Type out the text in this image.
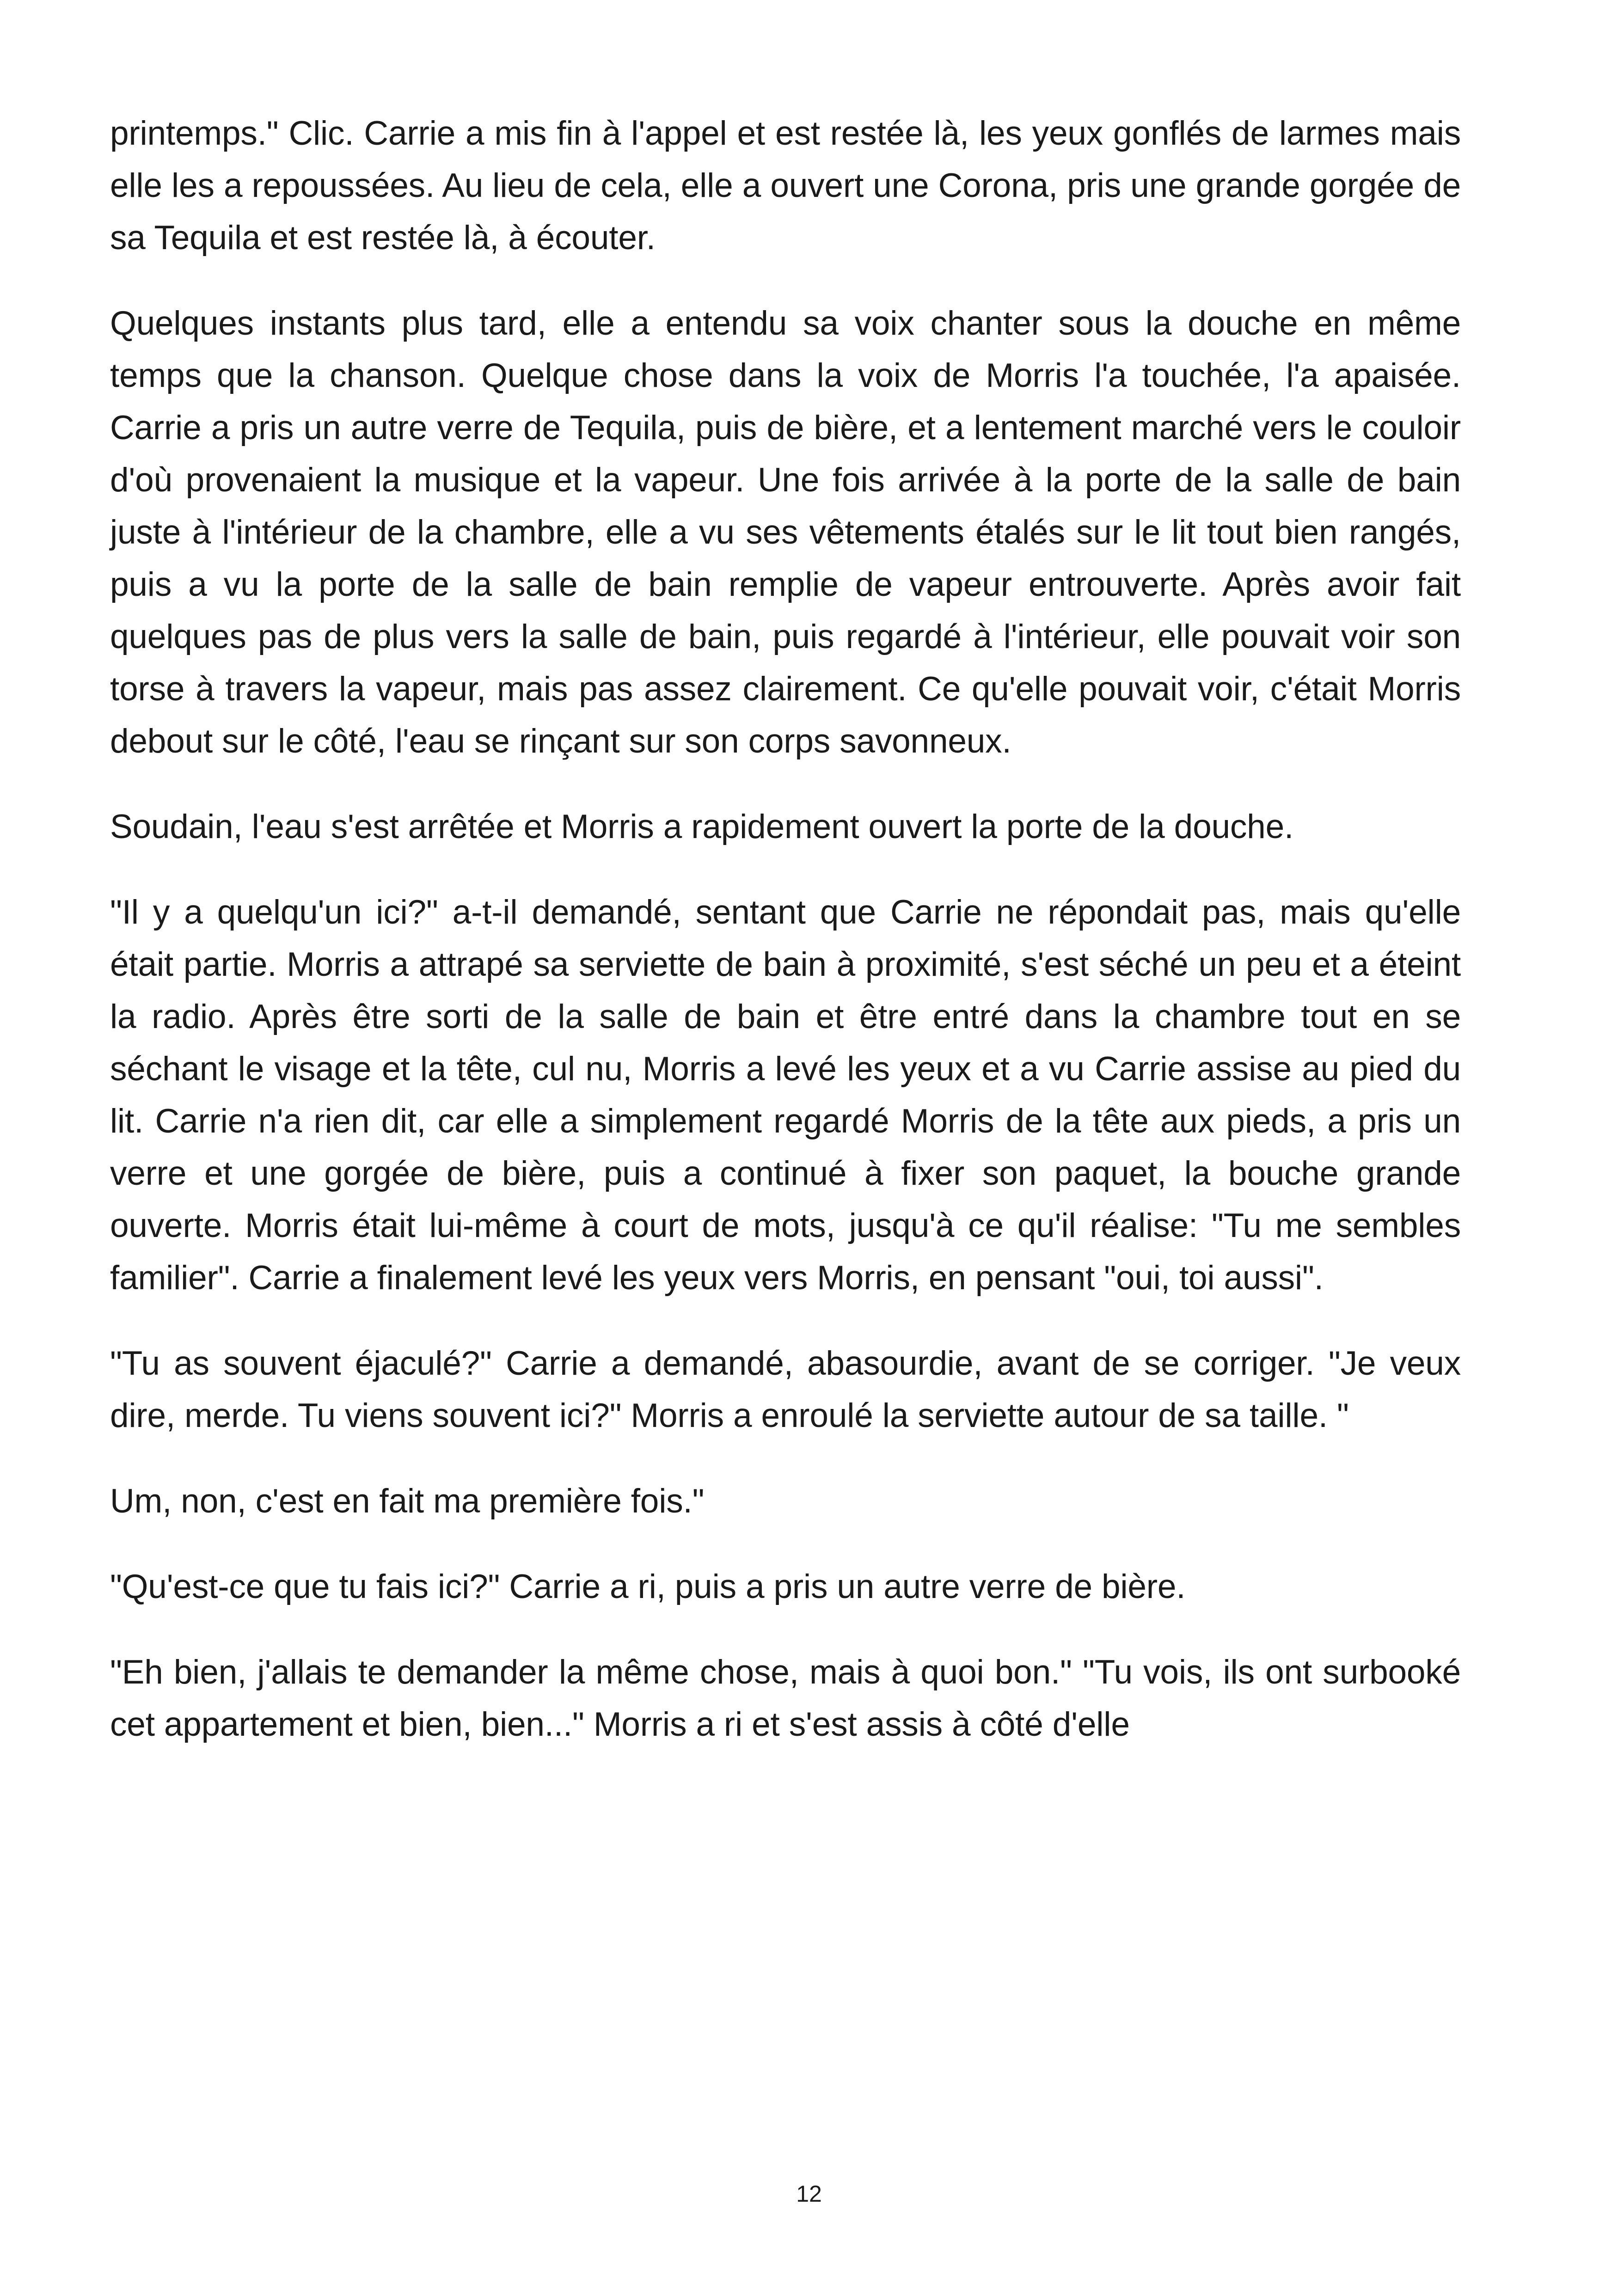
printemps." Clic. Carrie a mis fin à l'appel et est restée là, les yeux gonflés de larmes mais elle les a repoussées. Au lieu de cela, elle a ouvert une Corona, pris une grande gorgée de sa Tequila et est restée là, à écouter.

Quelques instants plus tard, elle a entendu sa voix chanter sous la douche en même temps que la chanson. Quelque chose dans la voix de Morris l'a touchée, l'a apaisée. Carrie a pris un autre verre de Tequila, puis de bière, et a lentement marché vers le couloir d'où provenaient la musique et la vapeur. Une fois arrivée à la porte de la salle de bain juste à l'intérieur de la chambre, elle a vu ses vêtements étalés sur le lit tout bien rangés, puis a vu la porte de la salle de bain remplie de vapeur entrouverte. Après avoir fait quelques pas de plus vers la salle de bain, puis regardé à l'intérieur, elle pouvait voir son torse à travers la vapeur, mais pas assez clairement. Ce qu'elle pouvait voir, c'était Morris debout sur le côté, l'eau se rinçant sur son corps savonneux.

Soudain, l'eau s'est arrêtée et Morris a rapidement ouvert la porte de la douche.

"Il y a quelqu'un ici?" a-t-il demandé, sentant que Carrie ne répondait pas, mais qu'elle était partie. Morris a attrapé sa serviette de bain à proximité, s'est séché un peu et a éteint la radio. Après être sorti de la salle de bain et être entré dans la chambre tout en se séchant le visage et la tête, cul nu, Morris a levé les yeux et a vu Carrie assise au pied du lit. Carrie n'a rien dit, car elle a simplement regardé Morris de la tête aux pieds, a pris un verre et une gorgée de bière, puis a continué à fixer son paquet, la bouche grande ouverte. Morris était lui-même à court de mots, jusqu'à ce qu'il réalise: "Tu me sembles familier". Carrie a finalement levé les yeux vers Morris, en pensant "oui, toi aussi".

"Tu as souvent éjaculé?" Carrie a demandé, abasourdie, avant de se corriger. "Je veux dire, merde. Tu viens souvent ici?" Morris a enroulé la serviette autour de sa taille. "

Um, non, c'est en fait ma première fois."

"Qu'est-ce que tu fais ici?" Carrie a ri, puis a pris un autre verre de bière.

"Eh bien, j'allais te demander la même chose, mais à quoi bon." "Tu vois, ils ont surbooké cet appartement et bien, bien..." Morris a ri et s'est assis à côté d'elle

12
